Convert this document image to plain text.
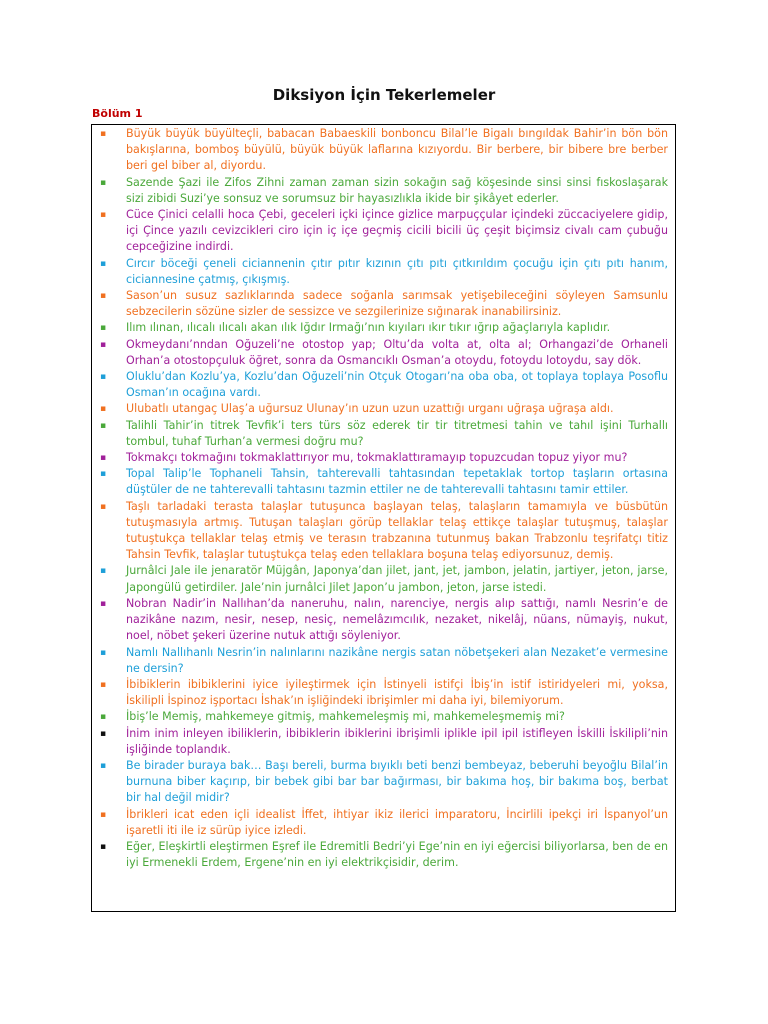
Diksiyon İçin Tekerlemeler
Bölüm 1
▪	Büyük büyük büyülteçli, babacan Babaeskili bonboncu Bilal’le Bigalı bıngıldak Bahir’in bön bön bakışlarına, bomboş büyülü, büyük büyük laflarına kızıyordu. Bir berbere, bir bibere bre berber beri gel biber al, diyordu.
▪	Sazende Şazi ile Zifos Zihni zaman zaman sizin sokağın sağ köşesinde sinsi sinsi fıskoslaşarak sizi zibidi Suzi’ye sonsuz ve sorumsuz bir hayasızlıkla ikide bir şikâyet ederler.
▪	Cüce Çinici celalli hoca Çebi, geceleri içki içince gizlice marpuççular içindeki züccaciyelere gidip, içi Çince yazılı cevizcikleri ciro için iç içe geçmiş cicili bicili üç çeşit biçimsiz civalı cam çubuğu cepceğizine indirdi.
▪	Cırcır böceği çeneli ciciannenin çıtır pıtır kızının çıtı pıtı çıtkırıldım çocuğu için çıtı pıtı hanım, ciciannesine çatmış, çıkışmış.
▪	Sason’un susuz sazlıklarında sadece soğanla sarımsak yetişebileceğini söyleyen Samsunlu sebzecilerin sözüne sizler de sessizce ve sezgilerinize sığınarak inanabilirsiniz.
▪	Ilım ılınan, ılıcalı ılıcalı akan ılık Iğdır Irmağı’nın kıyıları ıkır tıkır ığrıp ağaçlarıyla kaplıdır.
▪	Okmeydanı’nndan Oğuzeli’ne otostop yap; Oltu’da volta at, olta al; Orhangazi’de Orhaneli Orhan’a otostopçuluk öğret, sonra da Osmancıklı Osman’a otoydu, fotoydu lotoydu, say dök.
▪	Oluklu’dan Kozlu’ya, Kozlu’dan Oğuzeli’nin Otçuk Otogarı’na oba oba, ot toplaya toplaya Posoflu Osman’ın ocağına vardı.
▪	Ulubatlı utangaç Ulaş’a uğursuz Ulunay’ın uzun uzun uzattığı urganı uğraşa uğraşa aldı.
▪	Talihli Tahir’in titrek Tevfik’i ters türs söz ederek tir tir titretmesi tahin ve tahıl işini Turhallı tombul, tuhaf Turhan’a vermesi doğru mu?
▪	Tokmakçı tokmağını tokmaklattırıyor mu, tokmaklattıramayıp topuzcudan topuz yiyor mu?
▪	Topal Talip’le Tophaneli Tahsin, tahterevalli tahtasından tepetaklak tortop taşların ortasına düştüler de ne tahterevalli tahtasını tazmin ettiler ne de tahterevalli tahtasını tamir ettiler.
▪	Taşlı tarladaki terasta talaşlar tutuşunca başlayan telaş, talaşların tamamıyla ve büsbütün tutuşmasıyla artmış. Tutuşan talaşları görüp tellaklar telaş ettikçe talaşlar tutuşmuş, talaşlar tutuştukça tellaklar telaş etmiş ve terasın trabzanına tutunmuş bakan Trabzonlu teşrifatçı titiz Tahsin Tevfik, talaşlar tutuştukça telaş eden tellaklara boşuna telaş ediyorsunuz, demiş.
▪	Jurnâlci Jale ile jenaratör Müjgân, Japonya’dan jilet, jant, jet, jambon, jelatin, jartiyer, jeton, jarse, Japongülü getirdiler. Jale’nin jurnâlci Jilet Japon’u jambon, jeton, jarse istedi.
▪	Nobran Nadir’in Nallıhan’da naneruhu, nalın, narenciye, nergis alıp sattığı, namlı Nesrin’e de nazikâne nazım, nesir, nesep, nesiç, nemelâzımcılık, nezaket, nikelâj, nüans, nümayiş, nukut, noel, nöbet şekeri üzerine nutuk attığı söyleniyor.
▪	Namlı Nallıhanlı Nesrin’in nalınlarını nazikâne nergis satan nöbetşekeri alan Nezaket’e vermesine ne dersin?
▪	İbibiklerin ibibiklerini iyice iyileştirmek için İstinyeli istifçi İbiş’in istif istiridyeleri mi, yoksa, İskilipli İspinoz işportacı İshak’ın işliğindeki ibrişimler mi daha iyi, bilemiyorum.
▪	İbiş’le Memiş, mahkemeye gitmiş, mahkemeleşmiş mi, mahkemeleşmemiş mi?
▪	İnim inim inleyen ibiliklerin, ibibiklerin ibiklerini ibrişimli iplikle ipil ipil istifleyen İskilli İskilipli’nin işliğinde toplandık.
▪	Be birader buraya bak… Başı bereli, burma bıyıklı beti benzi bembeyaz, beberuhi beyoğlu Bilal’in burnuna biber kaçırıp, bir bebek gibi bar bar bağırması, bir bakıma hoş, bir bakıma boş, berbat bir hal değil midir?
▪	İbrikleri icat eden içli idealist İffet, ihtiyar ikiz ilerici imparatoru, İncirlili ipekçi iri İspanyol’un işaretli iti ile iz sürüp iyice izledi.
▪	Eğer, Eleşkirtli eleştirmen Eşref ile Edremitli Bedri’yi Ege’nin en iyi eğercisi biliyorlarsa, ben de en iyi Ermenekli Erdem, Ergene’nin en iyi elektrikçisidir, derim.
